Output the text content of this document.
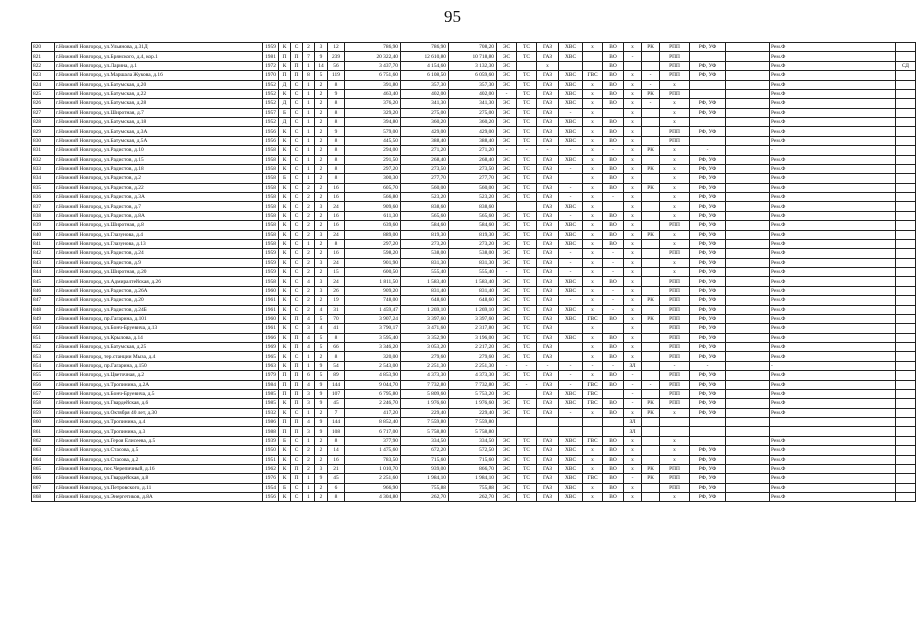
95
820	г.Нижний Новгород, ул.Ульянова, д.31Д	1959	К	С	2	3	12	786,90	786,90	708,20	ЭС	ТС	ГАЗ	ХВС	х	ВО	х	РК	РПП	РФ, УФ		Рем.Ф	
821	г.Нижний Новгород, ул.Брянского, д.4, кор.1	1981	П	П	7	9	239	20 322,40	12 610,80	10 718,80	ЭС	ТС	ГАЗ	ХВС		ВО	-		РПП			Рем.Ф	
822	г.Нижний Новгород, ул.Ларина, д.1	1972	К	П	1	14	56	3 437,70	4 154,60	3 132,30	ЭС		х			ВО			РПП	РФ, УФ		Рем.Ф	СД
823	г.Нижний Новгород, ул.Маршала Жукова, д.16	1970	П	П	8	5	119	6 751,60	6 108,50	6 059,60	ЭС	ТС	ГАЗ	ХВС	ГВС	ВО	х	-	РПП	РФ, УФ		Рем.Ф	
824	г.Нижний Новгород, ул.Батумская, д.20	1952	Д	С	1	2	8	391,80	357,30	357,30	ЭС	ТС	ГАЗ	ХВС	х	ВО	х	-	х			Рем.Ф	
825	г.Нижний Новгород, ул.Батумская, д.22	1952	К	С	1	2	9	463,40	402,00	402,00	-	ТС	ГАЗ	ХВС	х	ВО	х	РК	РПП			Рем.Ф	
826	г.Нижний Новгород, ул.Батумская, д.28	1952	Д	С	1	2	8	376,20	341,30	341,30	ЭС	ТС	ГАЗ	ХВС	х	ВО	х	-	х	РФ, УФ		Рем.Ф	
827	г.Нижний Новгород, ул.Широтная, д.7	1957	Б	С	1	2	8	329,20	275,00	275,00	ЭС	ТС	ГАЗ	-	х		х		х	РФ, УФ		Рем.Ф	
828	г.Нижний Новгород, ул.Батумская, д.18	1952	Д	С	1	2	8	394,80	360,20	360,20	ЭС	ТС	ГАЗ	ХВС	х	ВО	х		х			Рем.Ф	
829	г.Нижний Новгород, ул.Батумская, д.3А	1956	К	С	1	2	9	579,00	429,00	429,00	ЭС	ТС	ГАЗ	ХВС	х	ВО	х		РПП	РФ, УФ		Рем.Ф	
830	г.Нижний Новгород, ул.Батумская, д.5А	1956	К	С	1	2	8	445,50	388,40	388,40	ЭС	ТС	ГАЗ	ХВС	х	ВО	х		РПП			Рем.Ф	
831	г.Нижний Новгород, ул.Радистов, д.10	1958	К	С	1	2	8	294,00	271,20	271,20	-	-	-	-	х	-	х	РК	х	-		-	
832	г.Нижний Новгород, ул.Радистов, д.15	1958	К	С	1	2	8	291,50	268,40	268,40	ЭС	ТС	ГАЗ	ХВС	х	ВО	х		х	РФ, УФ		Рем.Ф	
833	г.Нижний Новгород, ул.Радистов, д.18	1958	К	С	1	2	8	297,20	273,50	273,50	ЭС	ТС	ГАЗ	-	х	ВО	х	РК	х	РФ, УФ		Рем.Ф	
834	г.Нижний Новгород, ул.Радистов, д.2	1958	Б	С	1	2	8	300,30	277,70	277,70	ЭС	ТС	ГАЗ		х	ВО	х		х	РФ, УФ		Рем.Ф	
835	г.Нижний Новгород, ул.Радистов, д.22	1958	К	С	2	2	16	605,70	560,00	560,00	ЭС	ТС	ГАЗ	-	х	ВО	х	РК	х	РФ, УФ		Рем.Ф	
836	г.Нижний Новгород, ул.Радистов, д.3А	1958	К	С	2	2	16	566,80	523,20	523,20	ЭС	ТС	ГАЗ	-	х	-	х		х	РФ, УФ		Рем.Ф	
837	г.Нижний Новгород, ул.Радистов, д.7	1958	К	С	2	3	24	909,60	838,60	838,60			ГАЗ	ХВС	х		х		х	РФ, УФ		Рем.Ф	
838	г.Нижний Новгород, ул.Радистов, д.8А	1958	К	С	2	2	16	611,30	565,60	565,60	ЭС	ТС	ГАЗ	-	х	ВО	х		х	РФ, УФ		Рем.Ф	
839	г.Нижний Новгород, ул.Широтная, д.8	1958	К	С	2	2	16	639,60	584,60	584,60	ЭС	ТС	ГАЗ	ХВС	х	ВО	х		РПП	РФ, УФ		Рем.Ф	
840	г.Нижний Новгород, ул.Глазунова, д.4	1958	К	С	2	3	24	889,00	819,30	819,30	ЭС	ТС	ГАЗ	ХВС	х	ВО	х	РК	х	РФ, УФ		Рем.Ф	
841	г.Нижний Новгород, ул.Глазунова, д.13	1958	К	С	1	2	8	297,20	273,20	273,20	ЭС	ТС	ГАЗ	ХВС	х	ВО	х		х	РФ, УФ		Рем.Ф	
842	г.Нижний Новгород, ул.Радистов, д.24	1959	К	С	2	2	16	598,20	538,00	538,00	ЭС	ТС	ГАЗ	-	х	-	х		РПП	РФ, УФ		Рем.Ф	
843	г.Нижний Новгород, ул.Радистов, д.9	1959	К	С	2	3	24	901,90	831,30	831,30	ЭС	ТС	ГАЗ	-	х	-	х		х	РФ, УФ		Рем.Ф	
844	г.Нижний Новгород, ул.Широтная, д.20	1959	К	С	2	2	15	600,50	555,40	555,40	-	ТС	ГАЗ	-	х	-	х		х	РФ, УФ		Рем.Ф	
845	г.Нижний Новгород, ул.Адмиралтейская, д.26	1958	К	С	4	3	24	1 811,50	1 583,40	1 583,40	ЭС	ТС	ГАЗ	ХВС	х	ВО	х		РПП	РФ, УФ		Рем.Ф	
846	г.Нижний Новгород, ул.Радистов, д.26А	1960	К	С	2	3	26	909,20	831,40	831,40	ЭС	ТС	ГАЗ	ХВС	х	-	х		РПП	РФ, УФ		Рем.Ф	
847	г.Нижний Новгород, ул.Радистов, д.20	1961	К	С	2	2	19	748,00	648,60	648,60	ЭС	ТС	ГАЗ	-	х	-	х	РК	РПП	РФ, УФ		Рем.Ф	
848	г.Нижний Новгород, ул.Радистов, д.24Б	1961	К	С	2	4	31	1 459,47	1 269,10	1 269,10	ЭС	ТС	ГАЗ	ХВС	х	-	х		РПП	РФ, УФ		Рем.Ф	
849	г.Нижний Новгород, пр.Гагарина, д.101	1960	К	П	4	5	70	3 907,24	3 397,60	3 397,60	ЭС	ТС	ГАЗ	ХВС	ГВС	ВО	х	РК	РПП	РФ, УФ		Рем.Ф	
850	г.Нижний Новгород, ул.Бонч-Бруевича, д.13	1961	К	С	3	4	41	3 790,17	3 471,60	2 317,80	ЭС	ТС	ГАЗ		х		х		РПП	РФ, УФ		Рем.Ф	
851	г.Нижний Новгород, ул.Крылова, д.14	1966	К	П	4	5	8	3 595,40	3 352,90	3 196,00	ЭС	ТС	ГАЗ	ХВС	х	ВО	х		РПП	РФ, УФ		Рем.Ф	
852	г.Нижний Новгород, ул.Батумская, д.25	1969	К	П	4	5	66	3 346,20	3 053,20	2 217,20	ЭС	ТС	ГАЗ		х	ВО	х		РПП	РФ, УФ		Рем.Ф	
853	г.Нижний Новгород, тер.станции Мыза, д.4	1965	К	С	1	2	8	320,00	279,60	279,60	ЭС	ТС	ГАЗ		х	ВО	х		РПП	РФ, УФ		Рем.Ф	
854	г.Нижний Новгород, пр.Гагарина, д.150	1963	К	П	1	9	54	2 543,00	2 251,30	2 251,30	-	-	-	-	-	-	ЗЛ		-	-		-	
855	г.Нижний Новгород, ул.Цветочная, д.2	1979	П	П	6	5	89	4 853,90	4 373,30	4 373,30	ЭС	ТС	ГАЗ	-	х	ВО	-		РПП	РФ, УФ		Рем.Ф	
856	г.Нижний Новгород, ул.Тропинина, д.2А	1984	П	П	4	9	144	9 044,70	7 732,80	7 732,80	ЭС	-	ГАЗ	-	ГВС	ВО	-	-	РПП	РФ, УФ		Рем.Ф	
857	г.Нижний Новгород, ул.Бонч-Бруевича, д.5	1985	П	П	3	9	107	6 795,80	5 809,60	5 753,20	ЭС		ГАЗ	ХВС	ГВС		-		РПП	РФ, УФ		Рем.Ф	
858	г.Нижний Новгород, ул.Гвардейская, д.6	1985	К	П	3	9	45	2 246,70	1 976,60	1 976,60	ЭС	ТС	ГАЗ	ХВС	ГВС	ВО	-	РК	РПП	РФ, УФ		Рем.Ф	
859	г.Нижний Новгород, ул.Октября 40 лет, д.30	1932	К	С	1	2	7	417,20	229,40	229,40	ЭС	ТС	ГАЗ	-	х	ВО	х	РК	х	РФ, УФ		Рем.Ф	
860	г.Нижний Новгород, ул.Тропинина, д.4	1986	П	П	4	9	144	8 852,40	7 559,80	7 559,80							ЗЛ						
861	г.Нижний Новгород, ул.Тропинина, д.3	1988	П	П	3	9	108	6 717,00	5 758,80	5 758,80							ЗЛ						
862	г.Нижний Новгород, ул.Героя Елисеева, д.5	1939	Б	С	1	2	8	377,90	334,50	334,50	ЭС	ТС	ГАЗ	ХВС	ГВС	ВО	х		х			Рем.Ф	
863	г.Нижний Новгород, ул.Стасова, д.5	1950	К	С	2	2	14	1 475,60	672,20	572,50	ЭС	ТС	ГАЗ	ХВС	х	ВО	х		х	РФ, УФ		Рем.Ф	
864	г.Нижний Новгород, ул.Стасова, д.2	1951	К	С	2	2	16	783,50	715,60	715,60	ЭС	ТС	ГАЗ	ХВС	х	ВО	х		х	РФ, УФ		Рем.Ф	
865	г.Нижний Новгород, пос.Черепичный, д.16	1962	К	П	2	3	21	1 010,70	939,00	866,70	ЭС	ТС	ГАЗ	ХВС	х	ВО	х	РК	РПП	РФ, УФ		Рем.Ф	
866	г.Нижний Новгород, ул.Гвардейская, д.8	1976	К	П	1	9	45	2 251,60	1 984,10	1 984,10	ЭС	ТС	ГАЗ	ХВС	ГВС	ВО	-	РК	РПП	РФ, УФ		Рем.Ф	
867	г.Нижний Новгород, ул.Петровского, д.11	1954	Б	С	1	2	6	966,90	755,88	755,88	ЭС	ТС	ГАЗ	ХВС	х	ВО	х		РПП	РФ, УФ		Рем.Ф	
868	г.Нижний Новгород, ул.Энергетиков, д.8А	1956	К	С	1	2	8	4 304,80	262,70	262,70	ЭС	ТС	ГАЗ	ХВС	х	ВО	х		х	РФ, УФ		Рем.Ф	
